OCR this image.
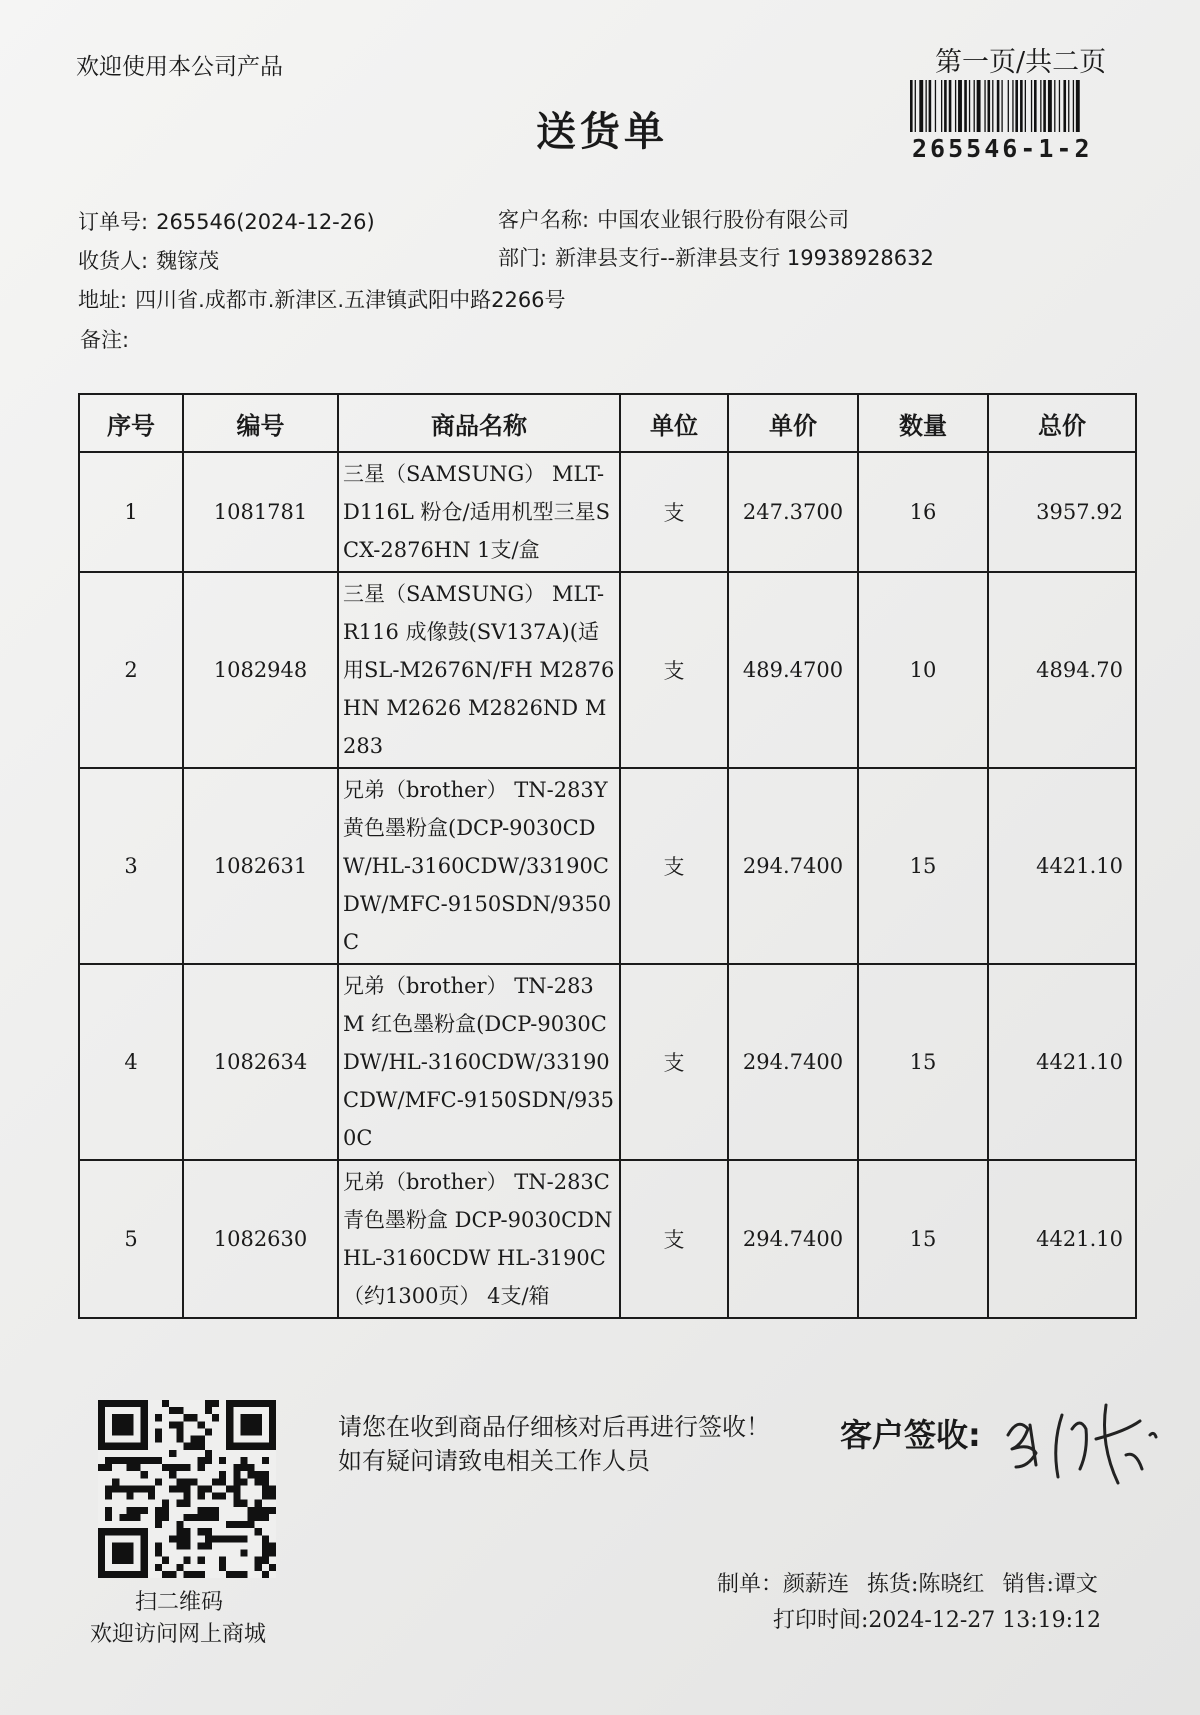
欢迎使用本公司产品	第一页/共二页
265546-1-2
送货单
订单号: 265546(2024-12-26)	客户名称: 中国农业银行股份有限公司
收货人: 魏镓茂	部门: 新津县支行--新津县支行 19938928632
地址: 四川省.成都市.新津区.五津镇武阳中路2266号
备注:
序号	编号	商品名称	单位	单价	数量	总价
1	1081781	三星（SAMSUNG） MLT-D116L 粉仓/适用机型三星SCX-2876HN 1支/盒	支	247.3700	16	3957.92
2	1082948	三星（SAMSUNG） MLT-R116 成像鼓(SV137A)(适用SL-M2676N/FH M2876HN M2626 M2826ND M283	支	489.4700	10	4894.70
3	1082631	兄弟（brother） TN-283Y 黄色墨粉盒(DCP-9030CDW/HL-3160CDW/33190CDW/MFC-9150SDN/9350C	支	294.7400	15	4421.10
4	1082634	兄弟（brother） TN-283M 红色墨粉盒(DCP-9030CDW/HL-3160CDW/33190CDW/MFC-9150SDN/9350C	支	294.7400	15	4421.10
5	1082630	兄弟（brother） TN-283C 青色墨粉盒 DCP-9030CDN HL-3160CDW HL-3190C （约1300页） 4支/箱	支	294.7400	15	4421.10
扫二维码
欢迎访问网上商城
请您在收到商品仔细核对后再进行签收！如有疑问请致电相关工作人员
客户签收:
制单：颜薪连 拣货:陈晓红 销售:谭文
打印时间:2024-12-27 13:19:12
